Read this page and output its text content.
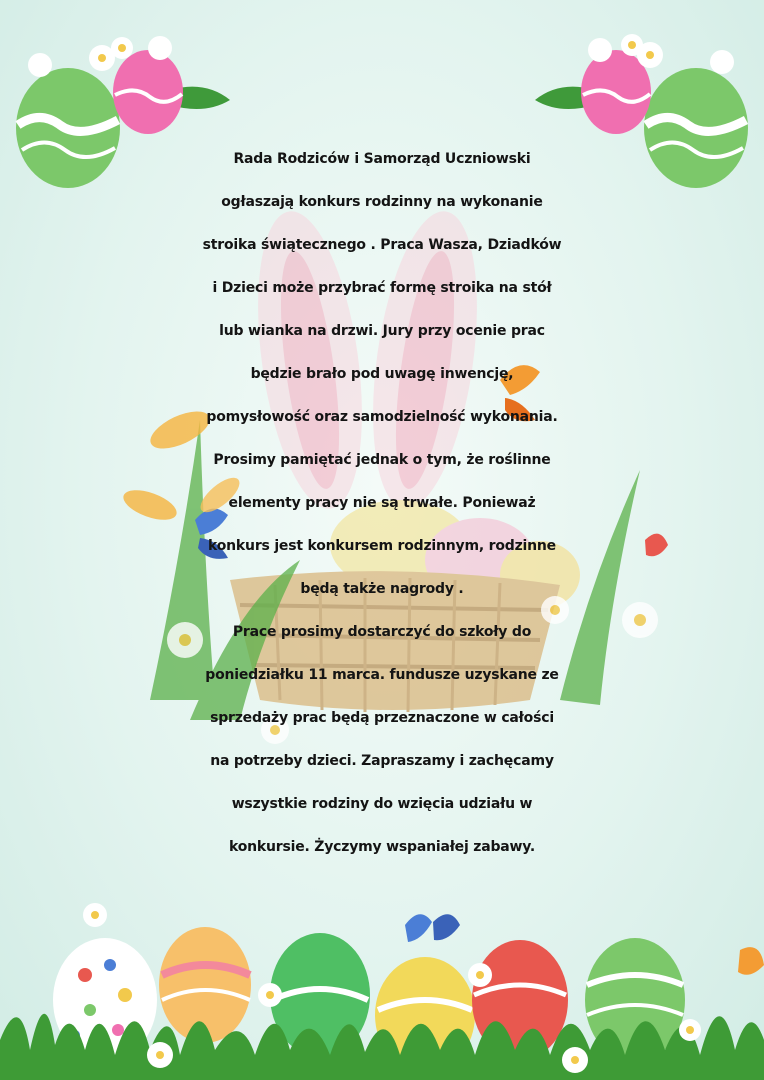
Rada Rodziców i Samorząd Uczniowski
ogłaszają konkurs rodzinny na wykonanie
stroika świątecznego . Praca Wasza, Dziadków
i Dzieci może przybrać formę stroika na stół
lub wianka na drzwi. Jury przy ocenie prac
będzie brało pod uwagę inwencję,
pomysłowość oraz samodzielność wykonania.
Prosimy pamiętać jednak o tym, że roślinne
elementy pracy nie są trwałe. Ponieważ
konkurs jest konkursem rodzinnym, rodzinne
będą także nagrody .
Prace prosimy dostarczyć do szkoły do
poniedziałku 11 marca. fundusze uzyskane ze
sprzedaży prac będą przeznaczone w całości
na potrzeby dzieci. Zapraszamy i zachęcamy
wszystkie rodziny do wzięcia udziału w
konkursie. Życzymy wspaniałej zabawy.
